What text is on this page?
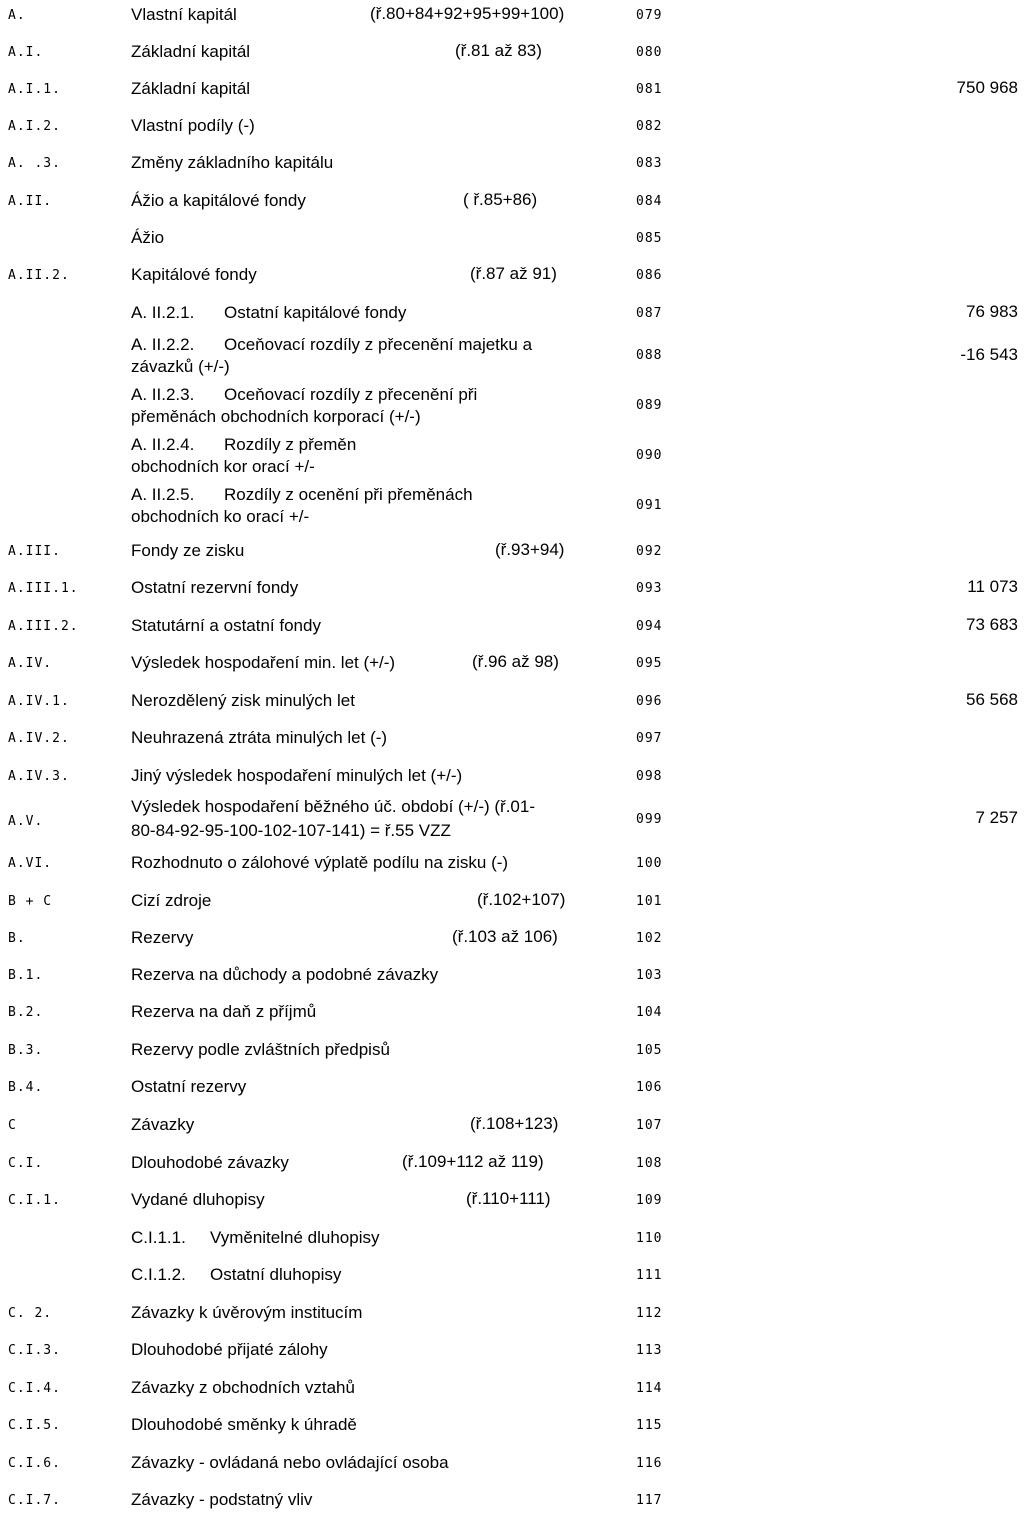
A.	Vlastní kapitál	(ř.80+84+92+95+99+100)	079
A.I.	Základní kapitál	(ř.81 až 83)	080
A.I.1.	Základní kapitál	081	750 968
A.I.2.	Vlastní podíly (-)	082
A. .3.	Změny základního kapitálu	083
A.II.	Ážio a kapitálové fondy	( ř.85+86)	084
Ážio	085
A.II.2.	Kapitálové fondy	(ř.87 až 91)	086
A. II.2.1. Ostatní kapitálové fondy	087	76 983
A. II.2.2. Oceňovací rozdíly z přecenění majetku a
závazků (+/-)
088	-16 543
A. II.2.3. Oceňovací rozdíly z přecenění při
přeměnách obchodních korporací (+/-)
089
A. II.2.4. Rozdíly z přeměn
obchodních kor orací +/-
090
A. II.2.5. Rozdíly z ocenění při přeměnách
obchodních ko orací +/-
091
A.III.	Fondy ze zisku	(ř.93+94)	092
A.III.1.	Ostatní rezervní fondy	093	11 073
A.III.2.	Statutární a ostatní fondy	094	73 683
A.IV.	Výsledek hospodaření min. let (+/-)	(ř.96 až 98)	095
A.IV.1.	Nerozdělený zisk minulých let	096	56 568
A.IV.2.	Neuhrazená ztráta minulých let (-)	097
A.IV.3.	Jiný výsledek hospodaření minulých let (+/-)	098
A.V.
Výsledek hospodaření běžného úč. období (+/-) (ř.01-
80-84-92-95-100-102-107-141) = ř.55 VZZ
099	7 257
A.VI.	Rozhodnuto o zálohové výplatě podílu na zisku (-)	100
B + C	Cizí zdroje	(ř.102+107)	101
B.	Rezervy	(ř.103 až 106)	102
B.1.	Rezerva na důchody a podobné závazky	103
B.2.	Rezerva na daň z příjmů	104
B.3.	Rezervy podle zvláštních předpisů	105
B.4.	Ostatní rezervy	106
C	Závazky	(ř.108+123)	107
C.I.	Dlouhodobé závazky	(ř.109+112 až 119)	108
C.I.1.	Vydané dluhopisy	(ř.110+111)	109
C.I.1.1. Vyměnitelné dluhopisy	110
C.I.1.2. Ostatní dluhopisy	111
C. 2.	Závazky k úvěrovým institucím	112
C.I.3.	Dlouhodobé přijaté zálohy	113
C.I.4.	Závazky z obchodních vztahů	114
C.I.5.	Dlouhodobé směnky k úhradě	115
C.I.6.	Závazky - ovládaná nebo ovládající osoba	116
C.I.7.	Závazky - podstatný vliv	117
